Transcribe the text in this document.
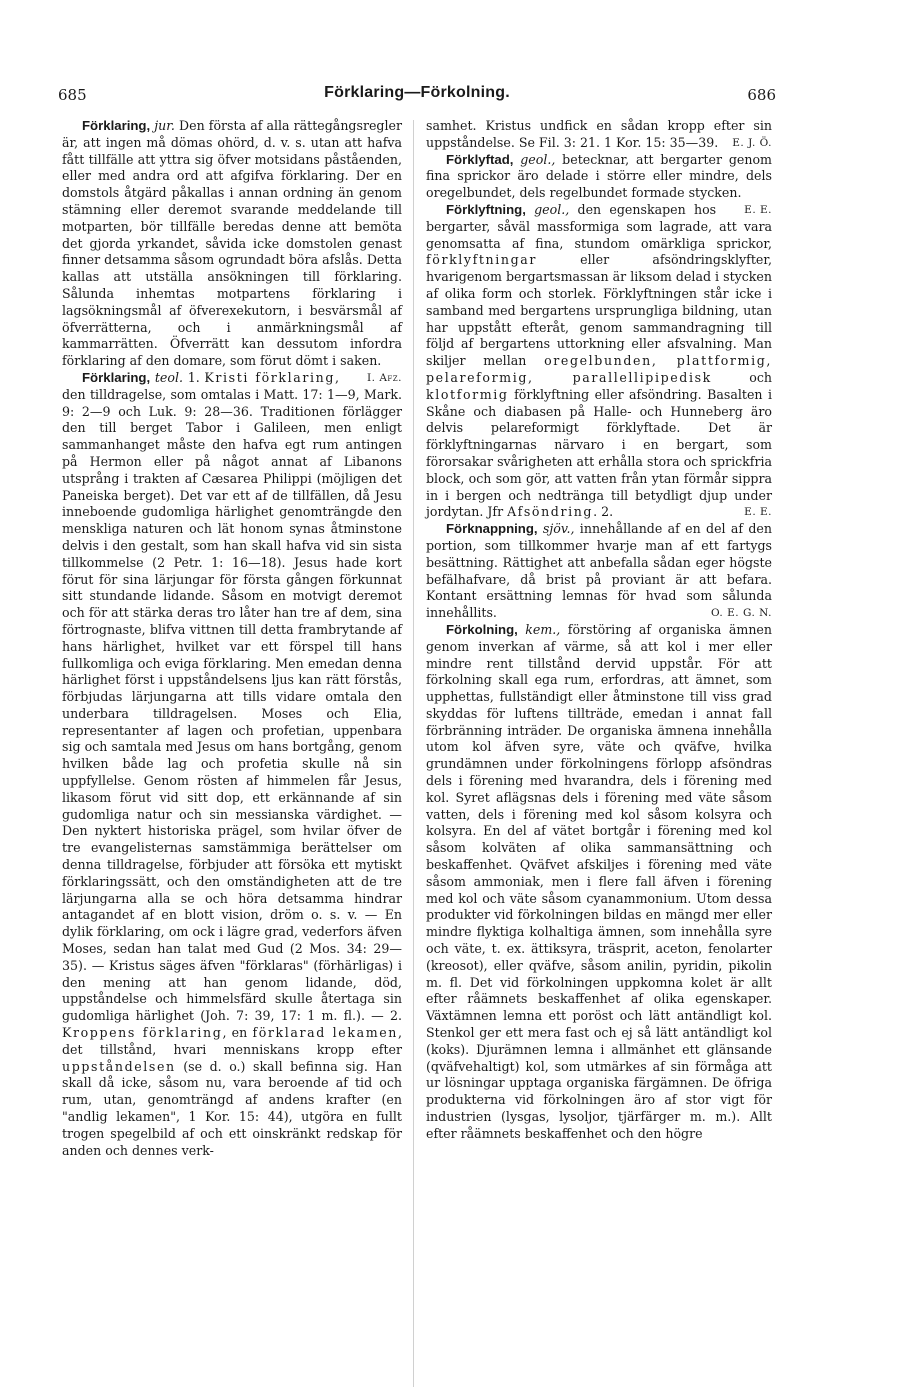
685	Förklaring—Förkolning.	686

Förklaring, jur. Den första af alla rättegångsregler är, att ingen må dömas ohörd, d. v. s. utan att hafva fått tillfälle att yttra sig öfver motsidans påståenden, eller med andra ord att afgifva förklaring. Der en domstols åtgärd påkallas i annan ordning än genom stämning eller deremot svarande meddelande till motparten, bör tillfälle beredas denne att bemöta det gjorda yrkandet, såvida icke domstolen genast finner detsamma såsom ogrundadt böra afslås. Detta kallas att utställa ansökningen till förklaring. Sålunda inhemtas motpartens förklaring i lagsökningsmål af öfverexekutorn, i besvärsmål af öfverrätterna, och i anmärkningsmål af kammarrätten. Öfverrätt kan dessutom infordra förklaring af den domare, som förut dömt i saken.
I. Afz.

Förklaring, teol. 1. Kristi förklaring, den tilldragelse, som omtalas i Matt. 17: 1—9, Mark. 9: 2—9 och Luk. 9: 28—36. Traditionen förlägger den till berget Tabor i Galileen, men enligt sammanhanget måste den hafva egt rum antingen på Hermon eller på något annat af Libanons utsprång i trakten af Cæsarea Philippi (möjligen det Paneiska berget). Det var ett af de tillfällen, då Jesu inneboende gudomliga härlighet genomträngde den menskliga naturen och lät honom synas åtminstone delvis i den gestalt, som han skall hafva vid sin sista tillkommelse (2 Petr. 1: 16—18). Jesus hade kort förut för sina lärjungar för första gången förkunnat sitt stundande lidande. Såsom en motvigt deremot och för att stärka deras tro låter han tre af dem, sina förtrognaste, blifva vittnen till detta frambrytande af hans härlighet, hvilket var ett förspel till hans fullkomliga och eviga förklaring. Men emedan denna härlighet först i uppståndelsens ljus kan rätt förstås, förbjudas lärjungarna att tills vidare omtala den underbara tilldragelsen. Moses och Elia, representanter af lagen och profetian, uppenbara sig och samtala med Jesus om hans bortgång, genom hvilken både lag och profetia skulle nå sin uppfyllelse. Genom rösten af himmelen får Jesus, likasom förut vid sitt dop, ett erkännande af sin gudomliga natur och sin messianska värdighet. — Den nyktert historiska prägel, som hvilar öfver de tre evangelisternas samstämmiga berättelser om denna tilldragelse, förbjuder att försöka ett mytiskt förklaringssätt, och den omständigheten att de tre lärjungarna alla se och höra detsamma hindrar antagandet af en blott vision, dröm o. s. v. — En dylik förklaring, om ock i lägre grad, vederfors äfven Moses, sedan han talat med Gud (2 Mos. 34: 29—35). — Kristus säges äfven "förklaras" (förhärligas) i den mening att han genom lidande, död, uppståndelse och himmelsfärd skulle återtaga sin gudomliga härlighet (Joh. 7: 39, 17: 1 m. fl.). — 2. Kroppens förklaring, en förklarad lekamen, det tillstånd, hvari menniskans kropp efter uppståndelsen (se d. o.) skall befinna sig. Han skall då icke, såsom nu, vara beroende af tid och rum, utan, genomträngd af andens krafter (en "andlig lekamen", 1 Kor. 15: 44), utgöra en fullt trogen spegelbild af och ett oinskränkt redskap för anden och dennes verk-

samhet. Kristus undfick en sådan kropp efter sin uppståndelse. Se Fil. 3: 21. 1 Kor. 15: 35—39.	E. J. Ö.

Förklyftad, geol., betecknar, att bergarter genom fina sprickor äro delade i större eller mindre, dels oregelbundet, dels regelbundet formade stycken.
E. E.

Förklyftning, geol., den egenskapen hos bergarter, såväl massformiga som lagrade, att vara genomsatta af fina, stundom omärkliga sprickor, förklyftningar eller afsöndringsklyfter, hvarigenom bergartsmassan är liksom delad i stycken af olika form och storlek. Förklyftningen står icke i samband med bergartens ursprungliga bildning, utan har uppstått efteråt, genom sammandragning till följd af bergartens uttorkning eller afsvalning. Man skiljer mellan oregelbunden, plattformig, pelareformig, parallellipipedisk och klotformig förklyftning eller afsöndring. Basalten i Skåne och diabasen på Halle- och Hunneberg äro delvis pelareformigt förklyftade. Det är förklyftningarnas närvaro i en bergart, som förorsakar svårigheten att erhålla stora och sprickfria block, och som gör, att vatten från ytan förmår sippra in i bergen och nedtränga till betydligt djup under jordytan. Jfr Afsöndring. 2.	E. E.

Förknappning, sjöv., innehållande af en del af den portion, som tillkommer hvarje man af ett fartygs besättning. Rättighet att anbefalla sådan eger högste befälhafvare, då brist på proviant är att befara. Kontant ersättning lemnas för hvad som sålunda innehållits.	O. E. G. N.

Förkolning, kem., förstöring af organiska ämnen genom inverkan af värme, så att kol i mer eller mindre rent tillstånd dervid uppstår. För att förkolning skall ega rum, erfordras, att ämnet, som upphettas, fullständigt eller åtminstone till viss grad skyddas för luftens tillträde, emedan i annat fall förbränning inträder. De organiska ämnena innehålla utom kol äfven syre, väte och qväfve, hvilka grundämnen under förkolningens förlopp afsöndras dels i förening med hvarandra, dels i förening med kol. Syret aflägsnas dels i förening med väte såsom vatten, dels i förening med kol såsom kolsyra och kolsyra. En del af vätet bortgår i förening med kol såsom kolväten af olika sammansättning och beskaffenhet. Qväfvet afskiljes i förening med väte såsom ammoniak, men i flere fall äfven i förening med kol och väte såsom cyanammonium. Utom dessa produkter vid förkolningen bildas en mängd mer eller mindre flyktiga kolhaltiga ämnen, som innehålla syre och väte, t. ex. ättiksyra, träsprit, aceton, fenolarter (kreosot), eller qväfve, såsom anilin, pyridin, pikolin m. fl. Det vid förkolningen uppkomna kolet är allt efter råämnets beskaffenhet af olika egenskaper. Växtämnen lemna ett poröst och lätt antändligt kol. Stenkol ger ett mera fast och ej så lätt antändligt kol (koks). Djurämnen lemna i allmänhet ett glänsande (qväfvehaltigt) kol, som utmärkes af sin förmåga att ur lösningar upptaga organiska färgämnen. De öfriga produkterna vid förkolningen äro af stor vigt för industrien (lysgas, lysoljor, tjärfärger m. m.). Allt efter råämnets beskaffenhet och den högre
